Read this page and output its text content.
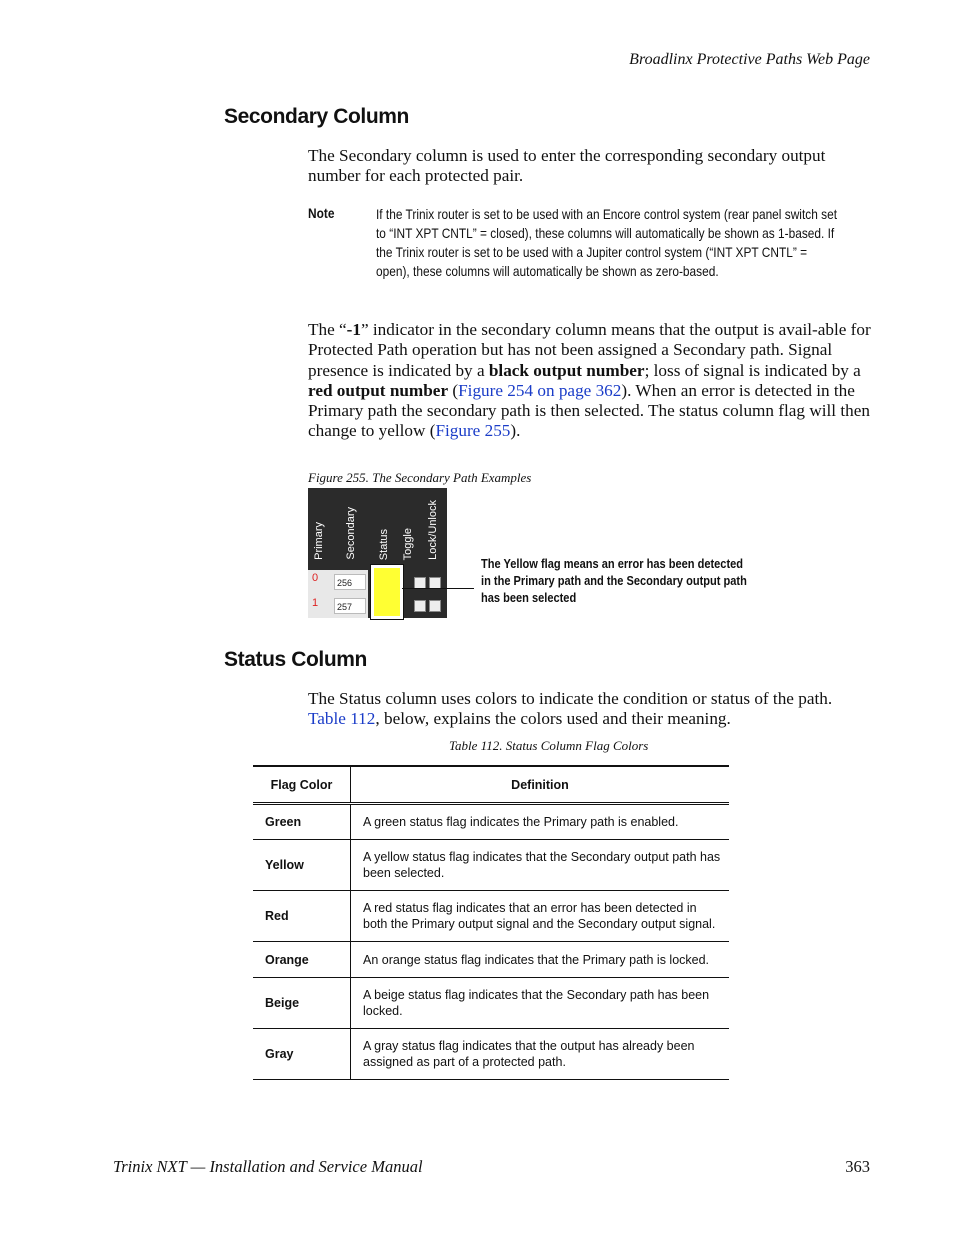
Broadlinx Protective Paths Web Page
Secondary Column

The Secondary column is used to enter the corresponding secondary output number for each protected pair.

Note	If the Trinix router is set to be used with an Encore control system (rear panel switch set to “INT XPT CNTL” = closed), these columns will automatically be shown as 1-based. If the Trinix router is set to be used with a Jupiter control system (“INT XPT CNTL” = open), these columns will automatically be shown as zero-based.

The “-1” indicator in the secondary column means that the output is avail-able for Protected Path operation but has not been assigned a Secondary path. Signal presence is indicated by a black output number; loss of signal is indicated by a red output number (Figure 254 on page 362). When an error is detected in the Primary path the secondary path is then selected. The status column flag will then change to yellow (Figure 255).

Figure 255. The Secondary Path Examples
Primary Secondary Status Toggle Lock/Unlock
0
1
256
257
The Yellow flag means an error has been detected in the Primary path and the Secondary output path has been selected
Status Column

The Status column uses colors to indicate the condition or status of the path. Table 112, below, explains the colors used and their meaning.

Table 112. Status Column Flag Colors
Flag Color	Definition
Green	A green status flag indicates the Primary path is enabled.
Yellow	A yellow status flag indicates that the Secondary output path has been selected.
Red	A red status flag indicates that an error has been detected in both the Primary output signal and the Secondary output signal.
Orange	An orange status flag indicates that the Primary path is locked.
Beige	A beige status flag indicates that the Secondary path has been locked.
Gray	A gray status flag indicates that the output has already been assigned as part of a protected path.
Trinix NXT — Installation and Service Manual	363
